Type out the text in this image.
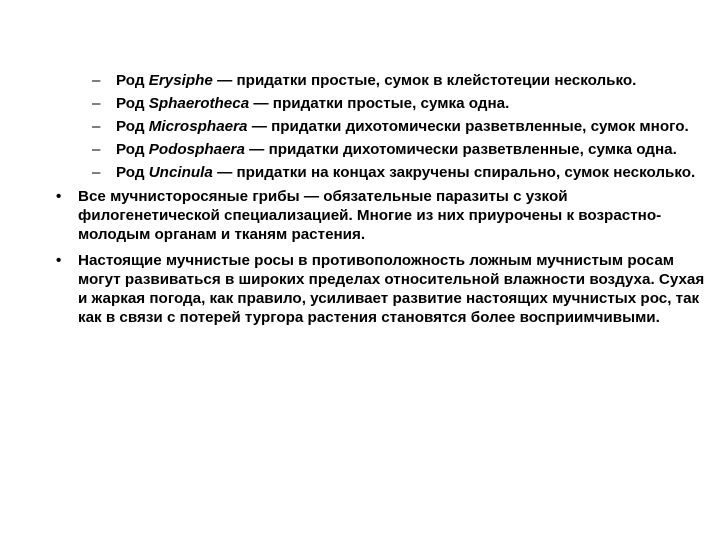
– Род Erysiphe — придатки простые, сумок в клейстотеции несколько.
– Род Sphaerotheca — придатки простые, сумка одна.
– Род Microsphaera — придатки дихотомически разветвленные, сумок много.
– Род Podosphaera — придатки дихотомически разветвленные, сумка одна.
– Род Uncinula — придатки на концах закручены спирально, сумок несколько.
• Все мучнисторосяные грибы — обязательные паразиты с узкой филогенетической специализацией. Многие из них приурочены к возрастно-молодым органам и тканям растения.
• Настоящие мучнистые росы в противоположность ложным мучнистым росам могут развиваться в широких пределах относительной влажности воздуха. Сухая и жаркая погода, как правило, усиливает развитие настоящих мучнистых рос, так как в связи с потерей тургора растения становятся более восприимчивыми.
